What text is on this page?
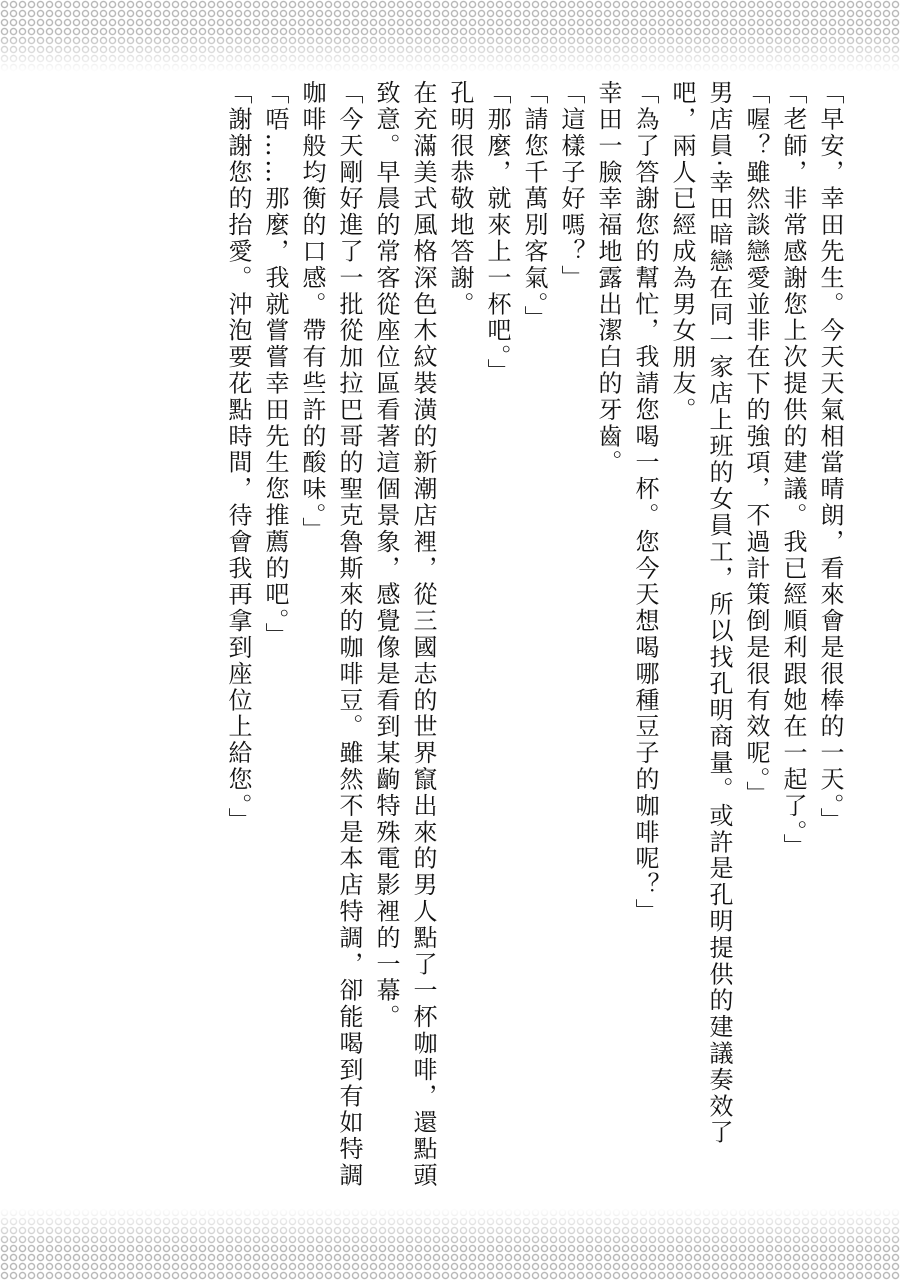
「早安，幸田先生。今天天氣相當晴朗，看來會是很棒的一天。」

「老師，非常感謝您上次提供的建議。我已經順利跟她在一起了。」

「喔？雖然談戀愛並非在下的強項，不過計策倒是很有效呢。」

男店員‧幸田暗戀在同一家店上班的女員工，所以找孔明商量。或許是孔明提供的建議奏效了吧，兩人已經成為男女朋友。

「為了答謝您的幫忙，我請您喝一杯。您今天想喝哪種豆子的咖啡呢？」

幸田一臉幸福地露出潔白的牙齒。

「這樣子好嗎？」

「請您千萬別客氣。」

「那麼，就來上一杯吧。」

孔明很恭敬地答謝。

在充滿美式風格深色木紋裝潢的新潮店裡，從三國志的世界竄出來的男人點了一杯咖啡，還點頭致意。早晨的常客從座位區看著這個景象，感覺像是看到某齣特殊電影裡的一幕。

「今天剛好進了一批從加拉巴哥的聖克魯斯來的咖啡豆。雖然不是本店特調，卻能喝到有如特調咖啡般均衡的口感。帶有些許的酸味。」

「唔……那麼，我就嘗嘗幸田先生您推薦的吧。」

「謝謝您的抬愛。沖泡要花點時間，待會我再拿到座位上給您。」
